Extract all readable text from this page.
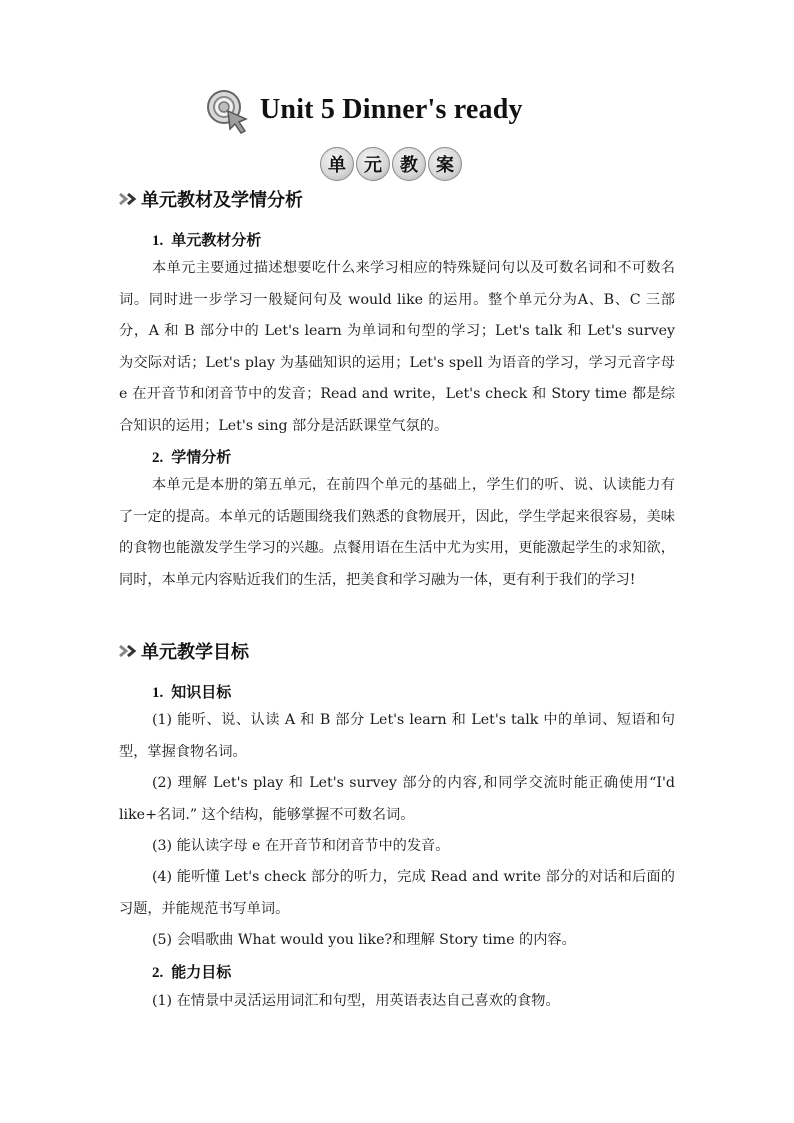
Unit 5 Dinner's ready
单	元	教	案
单元教材及学情分析
1. 单元教材分析
本单元主要通过描述想要吃什么来学习相应的特殊疑问句以及可数名词和不可数名词。同时进一步学习一般疑问句及 would like 的运用。整个单元分为A、B、C 三部分，A 和 B 部分中的 Let's learn 为单词和句型的学习；Let's talk 和 Let's survey 为交际对话；Let's play 为基础知识的运用；Let's spell 为语音的学习，学习元音字母 e 在开音节和闭音节中的发音；Read and write，Let's check 和 Story time 都是综合知识的运用；Let's sing 部分是活跃课堂气氛的。
2. 学情分析
本单元是本册的第五单元，在前四个单元的基础上，学生们的听、说、认读能力有了一定的提高。本单元的话题围绕我们熟悉的食物展开，因此，学生学起来很容易，美味的食物也能激发学生学习的兴趣。点餐用语在生活中尤为实用，更能激起学生的求知欲，同时，本单元内容贴近我们的生活，把美食和学习融为一体，更有利于我们的学习!
单元教学目标
1. 知识目标
(1) 能听、说、认读 A 和 B 部分 Let's learn 和 Let's talk 中的单词、短语和句型，掌握食物名词。
(2) 理解 Let's play 和 Let's survey 部分的内容,和同学交流时能正确使用“I'd like+名词.” 这个结构，能够掌握不可数名词。
(3) 能认读字母 e 在开音节和闭音节中的发音。
(4) 能听懂 Let's check 部分的听力，完成 Read and write 部分的对话和后面的习题，并能规范书写单词。
(5) 会唱歌曲 What would you like?和理解 Story time 的内容。
2. 能力目标
(1) 在情景中灵活运用词汇和句型，用英语表达自己喜欢的食物。
